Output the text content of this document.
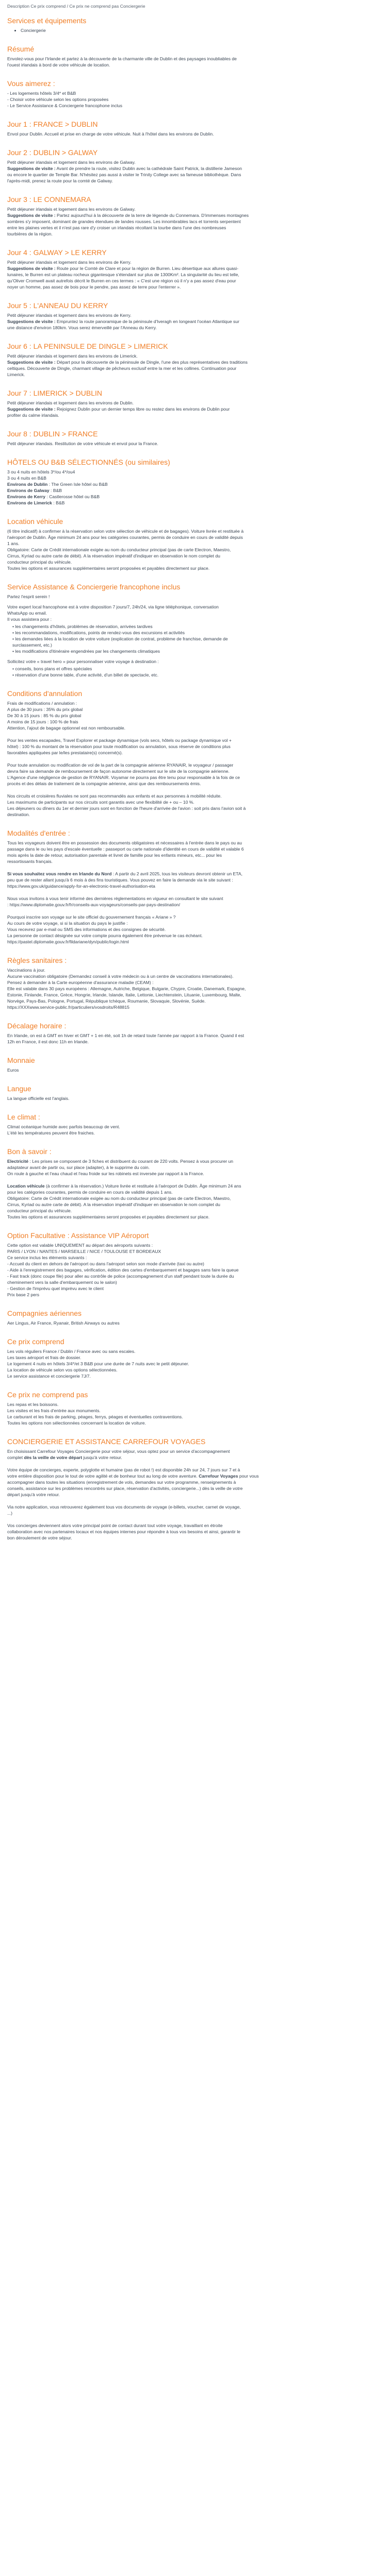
Description Ce prix comprend / Ce prix ne comprend pas Conciergerie

Services et équipements
• Conciergerie
Résumé

Envolez-vous pour l'Irlande et partez à la découverte de la charmante ville de Dublin et des paysages inoubliables de

l'ouest irlandais à bord de votre véhicule de location.

Vous aimerez :

- Les logements hôtels 3/4* et B&B

- Choisir votre véhicule selon les options proposées

- Le Service Assistance & Conciergerie francophone inclus

Jour 1 : FRANCE > DUBLIN

Envol pour Dublin. Accueil et prise en charge de votre véhicule. Nuit à l'hôtel dans les environs de Dublin.

Jour 2 : DUBLIN > GALWAY

Petit déjeuner irlandais et logement dans les environs de Galway.

Suggestions de visite : Avant de prendre la route, visitez Dublin avec la cathédrale Saint Patrick, la distillerie Jameson

ou encore le quartier de Temple Bar. N'hésitez pas aussi à visiter le Trinity College avec sa fameuse bibliothèque. Dans

l'après-midi, prenez la route pour la comté de Galway.

Jour 3 : LE CONNEMARA

Petit déjeuner irlandais et logement dans les environs de Galway.

Suggestions de visite : Partez aujourd'hui à la découverte de la terre de légende du Connemara. D'immenses montagnes

sombres s'y imposent, dominant de grandes étendues de landes rousses. Les innombrables lacs et torrents serpentent

entre les plaines vertes et il n'est pas rare d'y croiser un irlandais récoltant la tourbe dans l'une des nombreuses

tourbières de la région.

Jour 4 : GALWAY > LE KERRY

Petit déjeuner irlandais et logement dans les environs de Kerry.

Suggestions de visite : Route pour le Comté de Clare et pour la région de Burren. Lieu désertique aux allures quasi-

lunaires, le Burren est un plateau rocheux gigantesque s'étendant sur plus de 1300Km². La singularité du lieu est telle,

qu'Oliver Cromwell avait autrefois décrit le Burren en ces termes : « C'est une région où il n'y a pas assez d'eau pour

noyer un homme, pas assez de bois pour le pendre, pas assez de terre pour l'enterrer ».

Jour 5 : L'ANNEAU DU KERRY

Petit déjeuner irlandais et logement dans les environs de Kerry.

Suggestions de visite : Empruntez la route panoramique de la péninsule d'Iveragh en longeant l'océan Atlantique sur

une distance d'environ 180km. Vous serez émerveillé par l'Anneau du Kerry.

Jour 6 : LA PENINSULE DE DINGLE > LIMERICK

Petit déjeuner irlandais et logement dans les environs de Limerick.

Suggestions de visite : Départ pour la découverte de la péninsule de Dingle, l'une des plus représentatives des traditions

celtiques. Découverte de Dingle, charmant village de pêcheurs exclusif entre la mer et les collines. Continuation pour

Limerick.

Jour 7 : LIMERICK > DUBLIN

Petit déjeuner irlandais et logement dans les environs de Dublin.

Suggestions de visite : Rejoignez Dublin pour un dernier temps libre ou restez dans les environs de Dublin pour

profiter du calme irlandais.

Jour 8 : DUBLIN > FRANCE

Petit déjeuner irlandais. Restitution de votre véhicule et envol pour la France.

HÔTELS OU B&B SÉLECTIONNÉS (ou similaires)

3 ou 4 nuits en hôtels 3*/ou 4*/ou4

3 ou 4 nuits en B&B

Environs de Dublin : The Green Isle hôtel ou B&B

Environs de Galway : B&B

Environs de Kerry : Castlerosse hôtel ou B&B

Environs de Limerick : B&B

Location véhicule

(6 titre indicatif) à confirmer à la réservation selon votre sélection de véhicule et de bagages). Voiture livrée et restituée à

l'aéroport de Dublin. Âge minimum 24 ans pour les catégories courantes, permis de conduire en cours de validité depuis

1 ans.

Obligatoire: Carte de Crédit internationale exigée au nom du conducteur principal (pas de carte Electron, Maestro,

Cirrus, Kyriad ou autre carte de débit). A la réservation impératif d'indiquer en observation le nom complet du

conducteur principal du véhicule.

Toutes les options et assurances supplémentaires seront proposées et payables directement sur place.

Service Assistance & Conciergerie francophone inclus

Partez l'esprit serein !

Votre expert local francophone est à votre disposition 7 jours/7, 24h/24, via ligne téléphonique, conversation

WhatsApp ou email.

Il vous assistera pour :

• les changements d'hôtels, problèmes de réservation, arrivées tardives
• les recommandations, modifications, points de rendez-vous des excursions et activités
• les demandes liées à la location de votre voiture (explication de contrat, problème de franchise, demande de
surclassement, etc.)
• les modifications d'itinéraire engendrées par les changements climatiques

Sollicitez votre « travel hero » pour personnaliser votre voyage à destination :

• conseils, bons plans et offres spéciales
• réservation d'une bonne table, d'une activité, d'un billet de spectacle, etc.
Conditions d'annulation

Frais de modifications / annulation :

A plus de 30 jours : 35% du prix global

De 30 à 15 jours : 85 % du prix global

A moins de 15 jours : 100 % de frais

Attention, l'ajout de bagage optionnel est non remboursable.

Pour les ventes escapades, Travel Explorer et package dynamique (vols secs, hôtels ou package dynamique vol +

hôtel) : 100 % du montant de la réservation pour toute modification ou annulation, sous réserve de conditions plus

favorables appliquées par le/les prestataire(s) concerné(s).

Pour toute annulation ou modification de vol de la part de la compagnie aérienne RYANAIR, le voyageur / passager

devra faire sa demande de remboursement de façon autonome directement sur le site de la compagnie aérienne.

L'Agence d'une négligence de gestion de RYANAIR. Voyamar ne pourra pas être tenu pour responsable à la fois de ce

procès et des délais de traitement de la compagnie aérienne, ainsi que des remboursements émis.

Nos circuits et croisières fluviales ne sont pas recommandés aux enfants et aux personnes à mobilité réduite.

Les maximums de participants sur nos circuits sont garantis avec une flexibilité de + ou – 10 %.

Les déjeuners ou dîners du 1er et dernier jours sont en fonction de l'heure d'arrivée de l'avion : soit pris dans l'avion soit à

destination.

Modalités d'entrée :

Tous les voyageurs doivent être en possession des documents obligatoires et nécessaires à l'entrée dans le pays ou au

passage dans le ou les pays d'escale éventuelle : passeport ou carte nationale d'identité en cours de validité et valable 6

mois après la date de retour, autorisation parentale et livret de famille pour les enfants mineurs, etc... pour les

ressortissants français.

Si vous souhaitez vous rendre en Irlande du Nord : A partir du 2 avril 2025, tous les visiteurs devront obtenir un ETA,

peu que de rester allant jusqu'à 6 mois à des fins touristiques. Vous pouvez en faire la demande via le site suivant :

https://www.gov.uk/guidance/apply-for-an-electronic-travel-authorisation-eta

Nous vous invitons à vous tenir informé des dernières réglementations en vigueur en consultant le site suivant

: https://www.diplomatie.gouv.fr/fr/conseils-aux-voyageurs/conseils-par-pays-destination/

Pourquoi inscrire son voyage sur le site officiel du gouvernement français « Ariane » ?

Au cours de votre voyage, si si la situation du pays le justifie :

Vous recevrez par e-mail ou SMS des informations et des consignes de sécurité.

La personne de contact désignée sur votre compte pourra également être prévenue le cas échéant.

https://pastel.diplomatie.gouv.fr/fildariane/dyn/public/login.html

Règles sanitaires :

Vaccinations à jour.

Aucune vaccination obligatoire (Demandez conseil à votre médecin ou à un centre de vaccinations internationales).

Pensez à demander à la Carte européenne d'assurance maladie (CEAM) :

Elle est valable dans 30 pays européens : Allemagne, Autriche, Belgique, Bulgarie, Chypre, Croatie, Danemark, Espagne,

Estonie, Finlande, France, Grèce, Hongrie, Irlande, Islande, Italie, Lettonie, Liechtenstein, Lituanie, Luxembourg, Malte,

Norvège, Pays-Bas, Pologne, Portugal, République tchèque, Roumanie, Slovaquie, Slovénie, Suède.

https://XXXwww.service-public.fr/particuliers/vosdroits/R48815

Décalage horaire :

En Irlande, on est à GMT en hiver et GMT + 1 en été, soit 1h de retard toute l'année par rapport à la France. Quand il est

12h en France, il est donc 11h en Irlande.

Monnaie

Euros

Langue

La langue officielle est l'anglais.

Le climat :

Climat océanique humide avec parfois beaucoup de vent.

L'été les températures peuvent être fraiches.

Bon à savoir :

Electricité : Les prises se composent de 3 fiches et distribuent du courant de 220 volts. Pensez à vous procurer un

adaptateur avant de partir ou, sur place (adapter), à le supprime du coin.

On roule à gauche et l'eau chaud et l'eau froide sur les robinets est inversée par rapport à la France.

Location véhicule (à confirmer à la réservation.) Voiture livrée et restituée à l'aéroport de Dublin. Âge minimum 24 ans

pour les catégories courantes, permis de conduire en cours de validité depuis 1 ans.

Obligatoire: Carte de Crédit internationale exigée au nom du conducteur principal (pas de carte Electron, Maestro,

Cirrus, Kyriad ou autre carte de débit). A la réservation impératif d'indiquer en observation le nom complet du

conducteur principal du véhicule.

Toutes les options et assurances supplémentaires seront proposées et payables directement sur place.

Option Facultative : Assistance VIP Aéroport

Cette option est valable UNIQUEMENT au départ des aéroports suivants :

PARIS / LYON / NANTES / MARSEILLE / NICE / TOULOUSE ET BORDEAUX

Ce service inclus les éléments suivants :

- Accueil du client en dehors de l'aéroport ou dans l'aéroport selon son mode d'arrivée (taxi ou autre)

- Aide à l'enregistrement des bagages, vérification, édition des cartes d'embarquement et bagages sans faire la queue

- Fast track (donc coupe file) pour aller au contrôle de police (accompagnement d'un staff pendant toute la durée du

cheminement vers la salle d'embarquement ou le salon)

- Gestion de l'imprévu quel imprévu avec le client

Prix base 2 pers

Compagnies aériennes

Aer Lingus, Air France, Ryanair, British Airways ou autres

Ce prix comprend

Les vols réguliers France / Dublin / France avec ou sans escales.

Les taxes aéroport et frais de dossier.

Le logement 4 nuits en hôtels 3/4*/et 3 B&B pour une durée de 7 nuits avec le petit déjeuner.

La location de véhicule selon vos options sélectionnées.

Le service assistance et conciergerie 7J/7.

Ce prix ne comprend pas

Les repas et les boissons.

Les visites et les frais d'entrée aux monuments.

Le carburant et les frais de parking, péages, ferrys, péages et éventuelles contraventions.

Toutes les options non sélectionnées concernant la location de voiture.

CONCIERGERIE ET ASSISTANCE CARREFOUR VOYAGES

En choisissant Carrefour Voyages Conciergerie pour votre séjour, vous optez pour un service d'accompagnement

complet dès la veille de votre départ jusqu'à votre retour.

Votre équipe de concierges, experte, polyglotte et humaine (pas de robot !) est disponible 24h sur 24, 7 jours sur 7 et à

votre entière disposition pour le tout de votre agilité et de bonheur tout au long de votre aventure. Carrefour Voyages pour vous

accompagner dans toutes les situations (enregistrement de vols, demandes sur votre programme, renseignements à

conseils, assistance sur les problèmes rencontrés sur place, réservation d'activités, conciergerie...) dès la veille de votre

départ jusqu'à votre retour.

Via notre application, vous retrouverez également tous vos documents de voyage (e-billets, voucher, carnet de voyage,

...)

Vos concierges deviennent alors votre principal point de contact durant tout votre voyage, travaillant en étroite

collaboration avec nos partenaires locaux et nos équipes internes pour répondre à tous vos besoins et ainsi, garantir le

bon déroulement de votre séjour.
